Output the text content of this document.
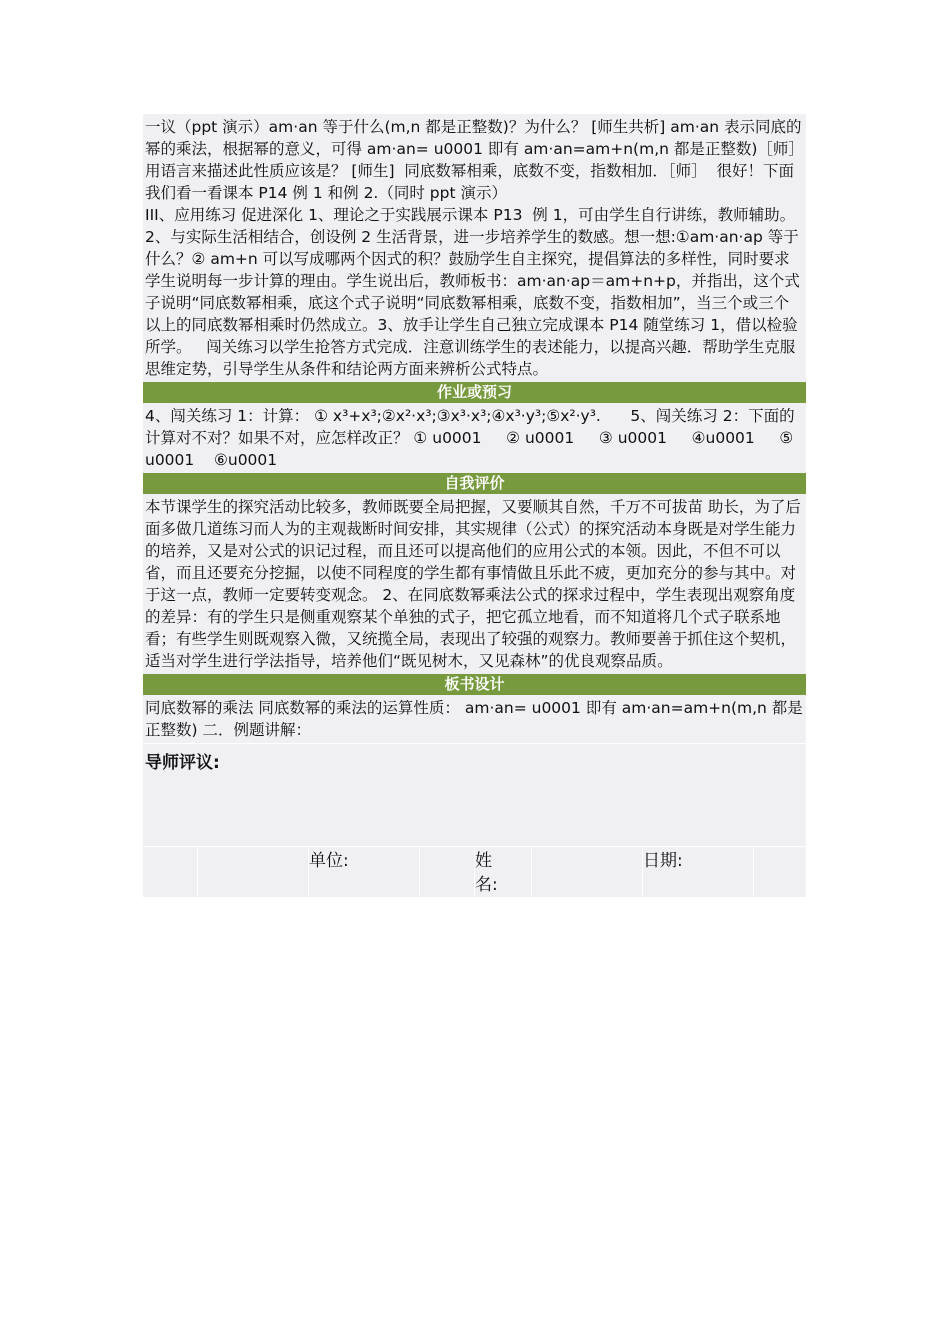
一议（ppt 演示）am·an 等于什么(m,n 都是正整数)？为什么？ [师生共析] am·an 表示同底的幂的乘法，根据幂的意义，可得 am·an= u0001 即有 am·an=am+n(m,n 都是正整数)［师］  用语言来描述此性质应该是？ [师生]  同底数幂相乘，底数不变，指数相加．［师］  很好！下面我们看一看课本 P14 例 1 和例 2.（同时 ppt 演示）
III、应用练习 促进深化 1、理论之于实践展示课本 P13  例 1，可由学生自行讲练，教师辅助。2、与实际生活相结合，创设例 2 生活背景，进一步培养学生的数感。想一想:①am·an·ap 等于什么？② am+n 可以写成哪两个因式的积？鼓励学生自主探究，提倡算法的多样性，同时要求学生说明每一步计算的理由。学生说出后，教师板书：am·an·ap＝am+n+p，并指出，这个式子说明“同底数幂相乘，底这个式子说明“同底数幂相乘，底数不变，指数相加”，当三个或三个以上的同底数幂相乘时仍然成立。3、放手让学生自己独立完成课本 P14 随堂练习 1，借以检验所学。   闯关练习以学生抢答方式完成．注意训练学生的表述能力，以提高兴趣．帮助学生克服思维定势，引导学生从条件和结论两方面来辨析公式特点。
作业或预习
4、闯关练习 1：计算： ① x³+x³;②x²·x³;③x³·x³;④x³·y³;⑤x²·y³.      5、闯关练习 2：下面的计算对不对？如果不对，应怎样改正？ ① u0001     ② u0001     ③ u0001     ④u0001     ⑤ u0001    ⑥u0001
自我评价
本节课学生的探究活动比较多，教师既要全局把握，又要顺其自然，千万不可拔苗 助长，为了后面多做几道练习而人为的主观裁断时间安排，其实规律（公式）的探究活动本身既是对学生能力的培养，又是对公式的识记过程，而且还可以提高他们的应用公式的本领。因此，不但不可以省，而且还要充分挖掘，以使不同程度的学生都有事情做且乐此不疲，更加充分的参与其中。对于这一点，教师一定要转变观念。 2、在同底数幂乘法公式的探求过程中，学生表现出观察角度的差异：有的学生只是侧重观察某个单独的式子，把它孤立地看，而不知道将几个式子联系地看；有些学生则既观察入微，又统揽全局，表现出了较强的观察力。教师要善于抓住这个契机，适当对学生进行学法指导，培养他们“既见树木，又见森林”的优良观察品质。
板书设计
同底数幂的乘法 同底数幂的乘法的运算性质： am·an= u0001 即有 am·an=am+n(m,n 都是正整数) 二．例题讲解：
导师评议:
单位:	姓
名:
日期:
